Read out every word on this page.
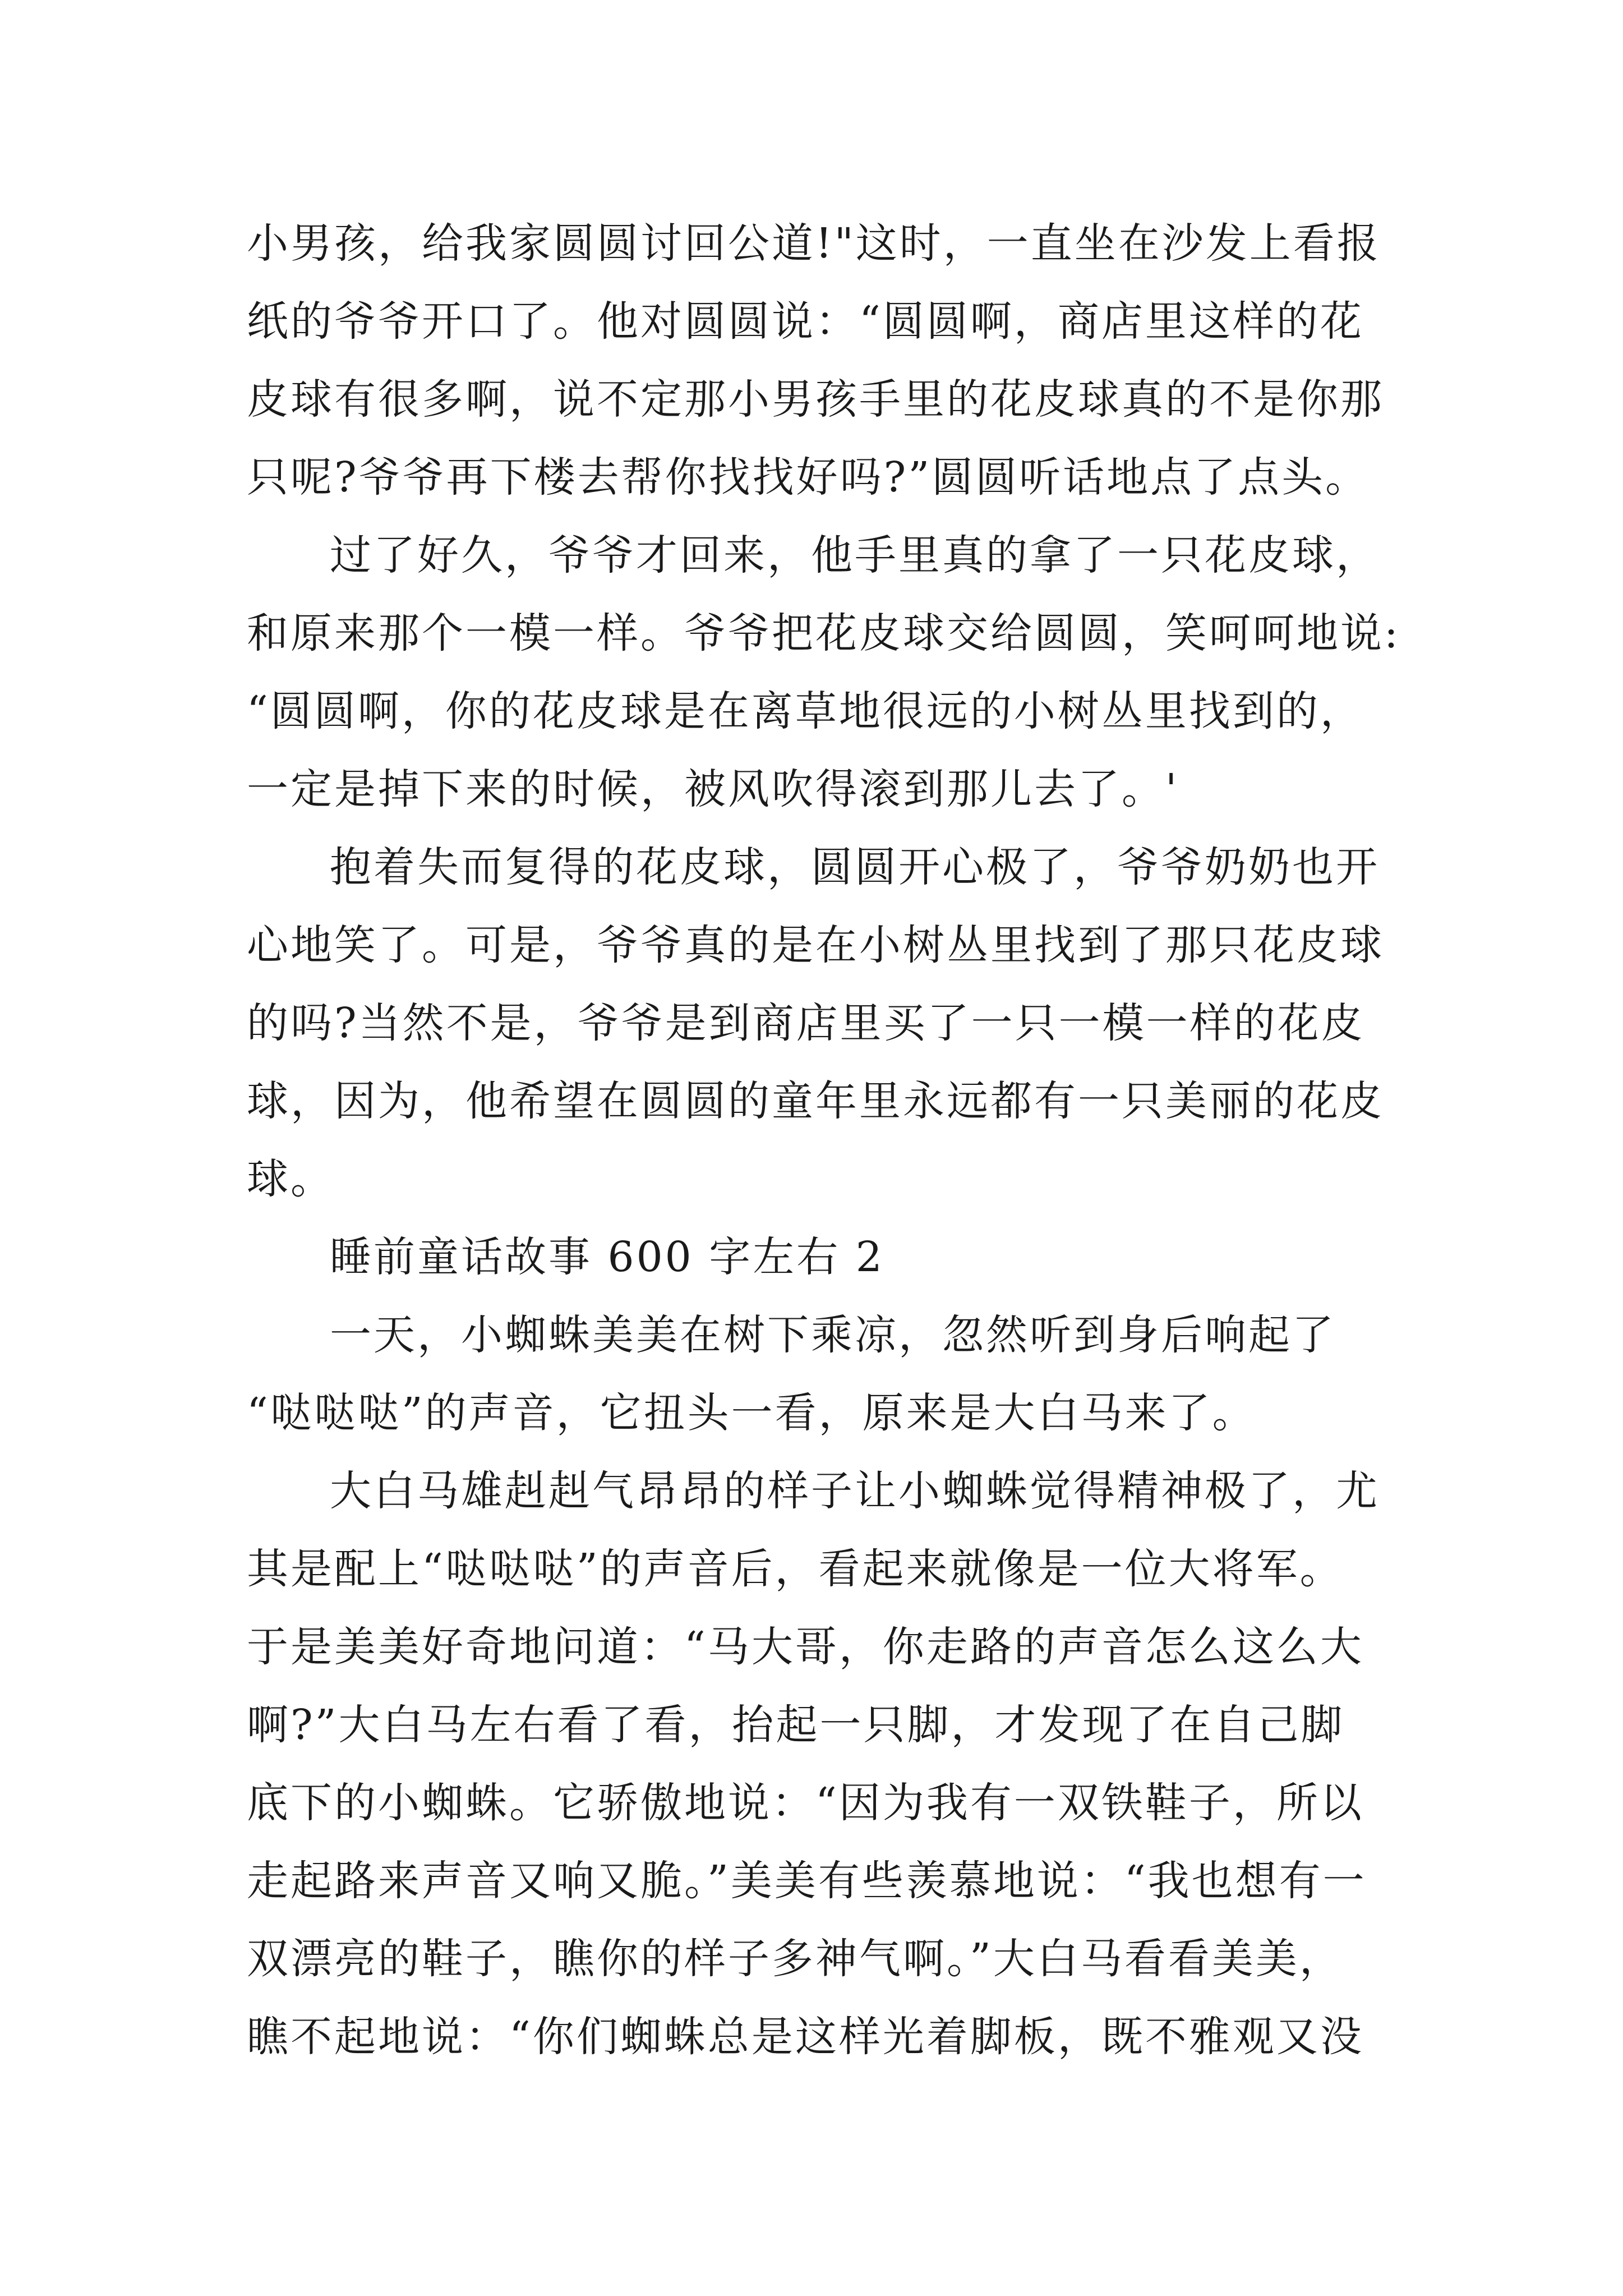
小男孩，给我家圆圆讨回公道!"这时，一直坐在沙发上看报
纸的爷爷开口了。他对圆圆说：“圆圆啊，商店里这样的花
皮球有很多啊，说不定那小男孩手里的花皮球真的不是你那
只呢?爷爷再下楼去帮你找找好吗?”圆圆听话地点了点头。
过了好久，爷爷才回来，他手里真的拿了一只花皮球，
和原来那个一模一样。爷爷把花皮球交给圆圆，笑呵呵地说:
“圆圆啊，你的花皮球是在离草地很远的小树丛里找到的，
一定是掉下来的时候，被风吹得滚到那儿去了。'
抱着失而复得的花皮球，圆圆开心极了，爷爷奶奶也开
心地笑了。可是，爷爷真的是在小树丛里找到了那只花皮球
的吗?当然不是，爷爷是到商店里买了一只一模一样的花皮
球，因为，他希望在圆圆的童年里永远都有一只美丽的花皮
球。
睡前童话故事 600 字左右 2
一天，小蜘蛛美美在树下乘凉，忽然听到身后响起了
“哒哒哒”的声音，它扭头一看，原来是大白马来了。
大白马雄赳赳气昂昂的样子让小蜘蛛觉得精神极了，尤
其是配上“哒哒哒”的声音后，看起来就像是一位大将军。
于是美美好奇地问道：“马大哥，你走路的声音怎么这么大
啊?”大白马左右看了看，抬起一只脚，才发现了在自己脚
底下的小蜘蛛。它骄傲地说：“因为我有一双铁鞋子，所以
走起路来声音又响又脆。”美美有些羡慕地说：“我也想有一
双漂亮的鞋子，瞧你的样子多神气啊。”大白马看看美美，
瞧不起地说：“你们蜘蛛总是这样光着脚板，既不雅观又没
